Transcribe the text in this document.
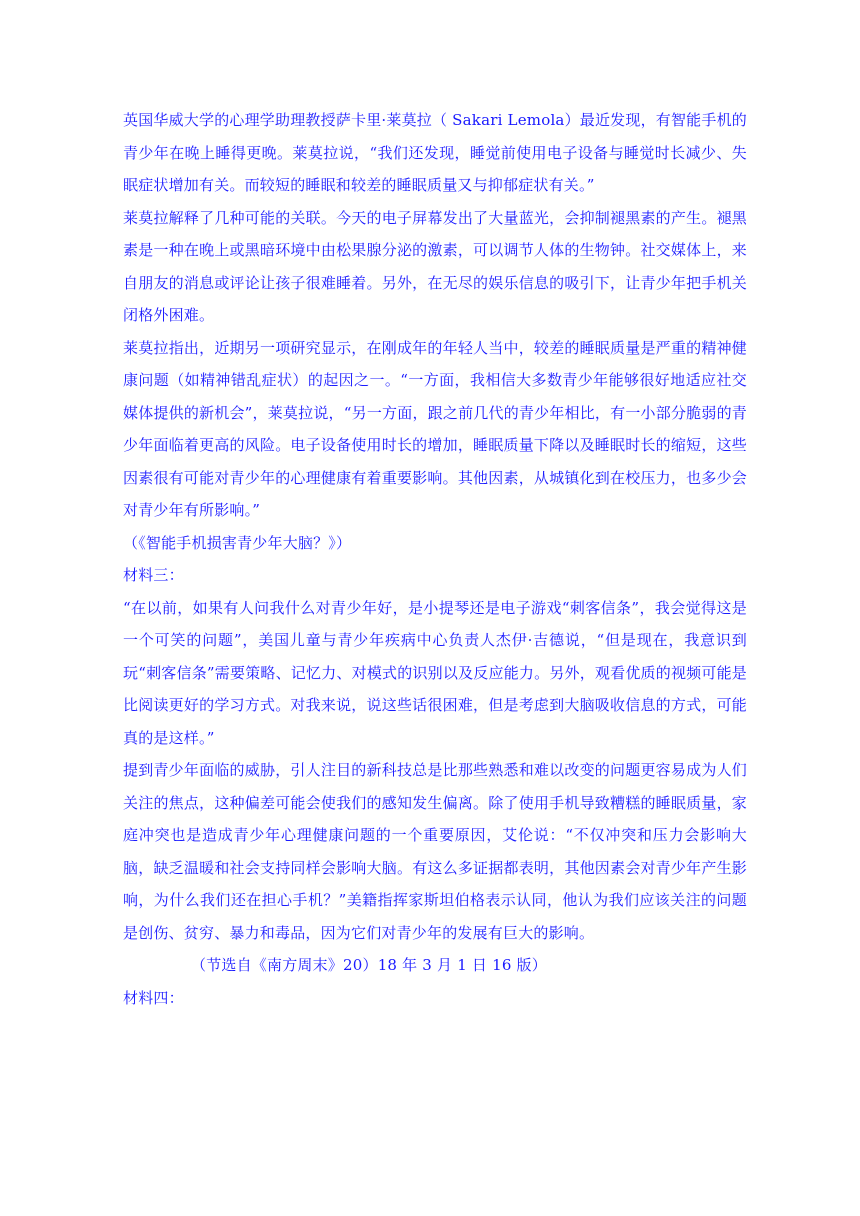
英国华威大学的心理学助理教授萨卡里·莱莫拉（ Sakari Lemola）最近发现，有智能手机的青少年在晚上睡得更晚。莱莫拉说，“我们还发现，睡觉前使用电子设备与睡觉时长减少、失眠症状增加有关。而较短的睡眠和较差的睡眠质量又与抑郁症状有关。”

莱莫拉解释了几种可能的关联。今天的电子屏幕发出了大量蓝光，会抑制褪黑素的产生。褪黑素是一种在晚上或黑暗环境中由松果腺分泌的激素，可以调节人体的生物钟。社交媒体上，来自朋友的消息或评论让孩子很难睡着。另外，在无尽的娱乐信息的吸引下，让青少年把手机关闭格外困难。

莱莫拉指出，近期另一项研究显示，在刚成年的年轻人当中，较差的睡眠质量是严重的精神健康问题（如精神错乱症状）的起因之一。“一方面，我相信大多数青少年能够很好地适应社交媒体提供的新机会”，莱莫拉说，“另一方面，跟之前几代的青少年相比，有一小部分脆弱的青少年面临着更高的风险。电子设备使用时长的增加，睡眠质量下降以及睡眠时长的缩短，这些因素很有可能对青少年的心理健康有着重要影响。其他因素，从城镇化到在校压力，也多少会对青少年有所影响。”

（《智能手机损害青少年大脑？》）

材料三：

“在以前，如果有人问我什么对青少年好，是小提琴还是电子游戏“刺客信条”，我会觉得这是一个可笑的问题”，美国儿童与青少年疾病中心负责人杰伊·吉德说，“但是现在，我意识到玩“刺客信条”需要策略、记忆力、对模式的识别以及反应能力。另外，观看优质的视频可能是比阅读更好的学习方式。对我来说，说这些话很困难，但是考虑到大脑吸收信息的方式，可能真的是这样。”

提到青少年面临的威胁，引人注目的新科技总是比那些熟悉和难以改变的问题更容易成为人们关注的焦点，这种偏差可能会使我们的感知发生偏离。除了使用手机导致糟糕的睡眠质量，家庭冲突也是造成青少年心理健康问题的一个重要原因，艾伦说：“不仅冲突和压力会影响大脑，缺乏温暖和社会支持同样会影响大脑。有这么多证据都表明，其他因素会对青少年产生影响，为什么我们还在担心手机？”美籍指挥家斯坦伯格表示认同，他认为我们应该关注的问题是创伤、贫穷、暴力和毒品，因为它们对青少年的发展有巨大的影响。

（节选自《南方周末》20）18 年 3 月 1 日 16 版）

材料四：
